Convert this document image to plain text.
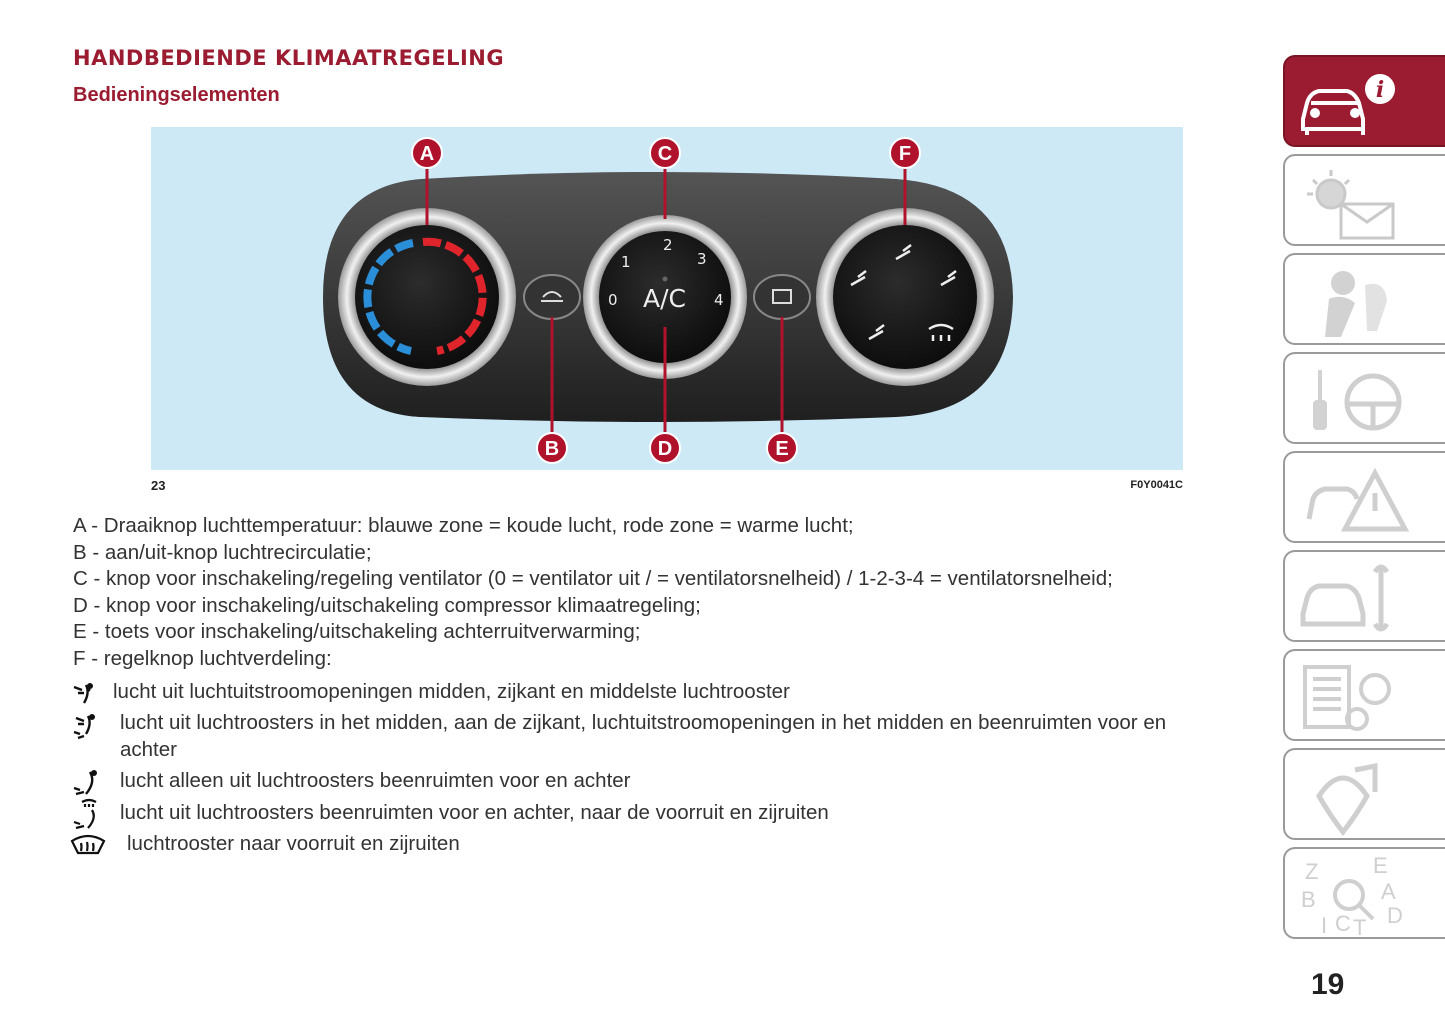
HANDBEDIENDE KLIMAATREGELING
Bedieningselementen
2
1	3
0	4
A/C
A	C	F
B	D	E
23	F0Y0041C
A - Draaiknop luchttemperatuur: blauwe zone = koude lucht, rode zone = warme lucht;
B - aan/uit-knop luchtrecirculatie;
C - knop voor inschakeling/regeling ventilator (0 = ventilator uit / = ventilatorsnelheid) / 1-2-3-4 = ventilatorsnelheid;
D - knop voor inschakeling/uitschakeling compressor klimaatregeling;
E - toets voor inschakeling/uitschakeling achterruitverwarming;
F - regelknop luchtverdeling:
lucht uit luchtuitstroomopeningen midden, zijkant en middelste luchtrooster
lucht uit luchtroosters in het midden, aan de zijkant, luchtuitstroomopeningen in het midden en beenruimten voor en
achter
lucht alleen uit luchtroosters beenruimten voor en achter
lucht uit luchtroosters beenruimten voor en achter, naar de voorruit en zijruiten
luchtrooster naar voorruit en zijruiten
i
Z E
A
B
D
I C T
19
